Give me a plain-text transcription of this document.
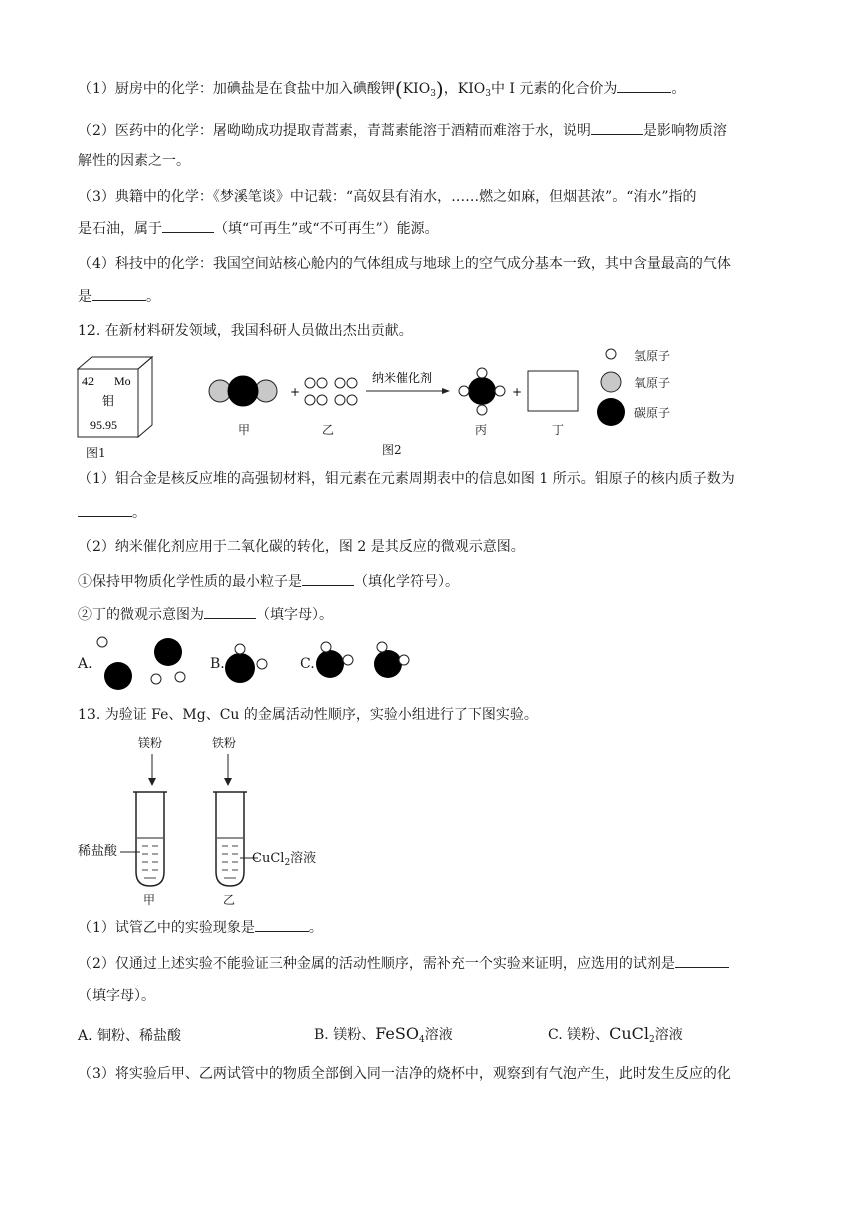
（1）厨房中的化学：加碘盐是在食盐中加入碘酸钾$(KIO_3)$，$KIO_3$中 I 元素的化合价为	。
（2）医药中的化学：屠呦呦成功提取青蒿素，青蒿素能溶于酒精而难溶于水，说明	是影响物质溶
解性的因素之一。
（3）典籍中的化学：《梦溪笔谈》中记载：“高奴县有洧水，……燃之如麻，但烟甚浓”。“洧水”指的
是石油，属于	（填“可再生”或“不可再生”）能源。
（4）科技中的化学：我国空间站核心舱内的气体组成与地球上的空气成分基本一致，其中含量最高的气体
是	。
12. 在新材料研发领域，我国科研人员做出杰出贡献。
42 Mo
钼
95.95
图1
+
纳米催化剂
+
甲	乙	丙	丁
图2
氢原子
氧原子
碳原子
（1）钼合金是核反应堆的高强韧材料，钼元素在元素周期表中的信息如图 1 所示。钼原子的核内质子数为
。
（2）纳米催化剂应用于二氧化碳的转化，图 2 是其反应的微观示意图。
①保持甲物质化学性质的最小粒子是	（填化学符号）。
②丁的微观示意图为	（填字母）。
A.	B.	C.
13. 为验证 Fe、Mg、Cu 的金属活动性顺序，实验小组进行了下图实验。
镁粉	铁粉
稀盐酸	CuCl$_2$溶液
甲	乙
（1）试管乙中的实验现象是	。
（2）仅通过上述实验不能验证三种金属的活动性顺序，需补充一个实验来证明，应选用的试剂是
（填字母）。
A. 铜粉、稀盐酸	B. 镁粉、FeSO$_4$溶液	C. 镁粉、CuCl$_2$溶液
（3）将实验后甲、乙两试管中的物质全部倒入同一洁净的烧杯中，观察到有气泡产生，此时发生反应的化
